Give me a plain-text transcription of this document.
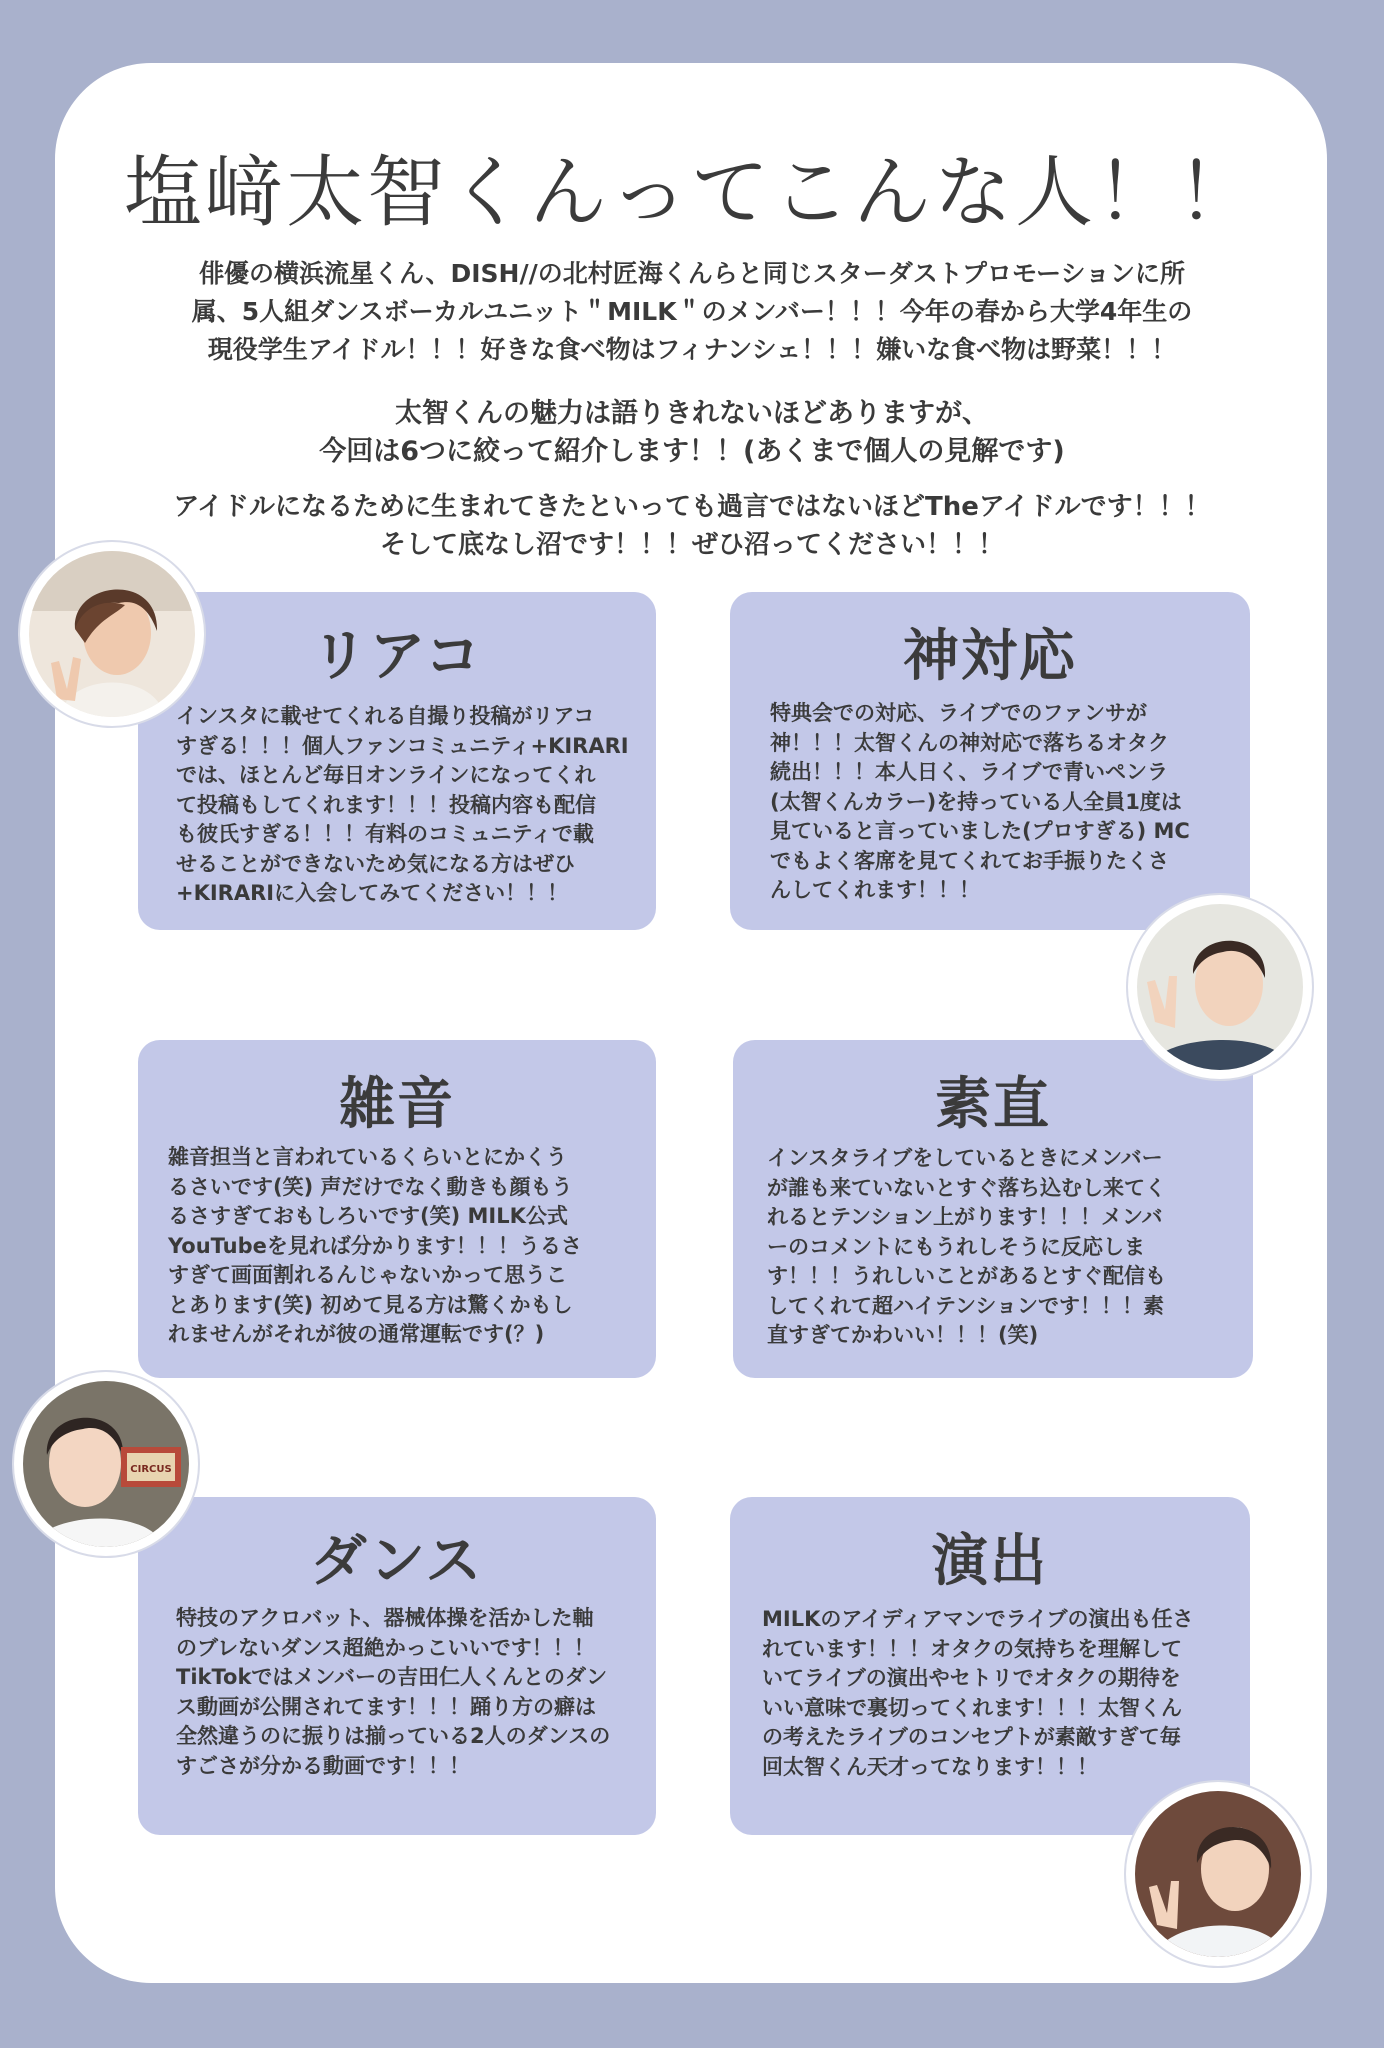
塩﨑太智くんってこんな人！！

俳優の横浜流星くん、DISH//の北村匠海くんらと同じスターダストプロモーションに所

属、5人組ダンスボーカルユニット＂MILK＂のメンバー！！！今年の春から大学4年生の

現役学生アイドル！！！好きな食べ物はフィナンシェ！！！嫌いな食べ物は野菜！！！

太智くんの魅力は語りきれないほどありますが、

今回は6つに絞って紹介します！！(あくまで個人の見解です)

アイドルになるために生まれてきたといっても過言ではないほどTheアイドルです！！！

そして底なし沼です！！！ぜひ沼ってください！！！

リアコ
インスタに載せてくれる自撮り投稿がリアコ
すぎる！！！個人ファンコミュニティ+KIRARI
では、ほとんど毎日オンラインになってくれ
て投稿もしてくれます！！！投稿内容も配信
も彼氏すぎる！！！有料のコミュニティで載
せることができないため気になる方はぜひ
+KIRARIに入会してみてください！！！
神対応
特典会での対応、ライブでのファンサが
神！！！太智くんの神対応で落ちるオタク
続出！！！本人日く、ライブで青いペンラ
(太智くんカラー)を持っている人全員1度は
見ていると言っていました(プロすぎる) MC
でもよく客席を見てくれてお手振りたくさ
んしてくれます！！！
雑音
雑音担当と言われているくらいとにかくう
るさいです(笑) 声だけでなく動きも顔もう
るさすぎておもしろいです(笑) MILK公式
YouTubeを見れば分かります！！！うるさ
すぎて画面割れるんじゃないかって思うこ
とあります(笑) 初めて見る方は驚くかもし
れませんがそれが彼の通常運転です(？)
素直
インスタライブをしているときにメンバー
が誰も来ていないとすぐ落ち込むし来てく
れるとテンション上がります！！！メンバ
ーのコメントにもうれしそうに反応しま
す！！！うれしいことがあるとすぐ配信も
してくれて超ハイテンションです！！！素
直すぎてかわいい！！！(笑)
ダンス
特技のアクロバット、器械体操を活かした軸
のブレないダンス超絶かっこいいです！！！
TikTokではメンバーの吉田仁人くんとのダン
ス動画が公開されてます！！！踊り方の癖は
全然違うのに振りは揃っている2人のダンスの
すごさが分かる動画です！！！
演出
MILKのアイディアマンでライブの演出も任さ
れています！！！オタクの気持ちを理解して
いてライブの演出やセトリでオタクの期待を
いい意味で裏切ってくれます！！！太智くん
の考えたライブのコンセプトが素敵すぎて毎
回太智くん天才ってなります！！！
CIRCUS
